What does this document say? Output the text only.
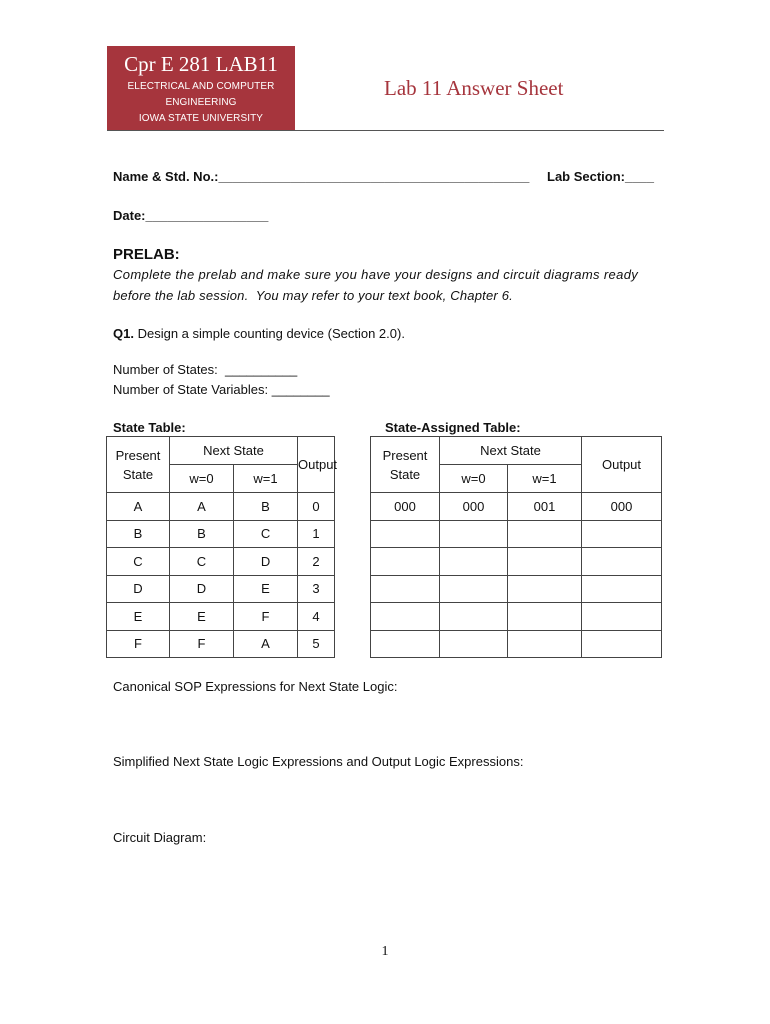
Cpr E 281 LAB11
ELECTRICAL AND COMPUTER
ENGINEERING
IOWA STATE UNIVERSITY
Lab 11 Answer Sheet
Name & Std. No.:___________________________________________ Lab Section:____
Date:_________________
PRELAB:
Complete the prelab and make sure you have your designs and circuit diagrams ready
before the lab session.  You may refer to your text book, Chapter 6.
Q1. Design a simple counting device (Section 2.0).
Number of States:  __________
Number of State Variables: ________
State Table:	State-Assigned Table:
Present
State	Next State		Output
	w=0	w=1	
A	A	B	0
B	B	C	1
C	C	D	2
D	D	E	3
E	E	F	4
F	F	A	5
Present
State	Next State		Output
	w=0	w=1	
000	000	001	000

Canonical SOP Expressions for Next State Logic:
Simplified Next State Logic Expressions and Output Logic Expressions:
Circuit Diagram:
1
